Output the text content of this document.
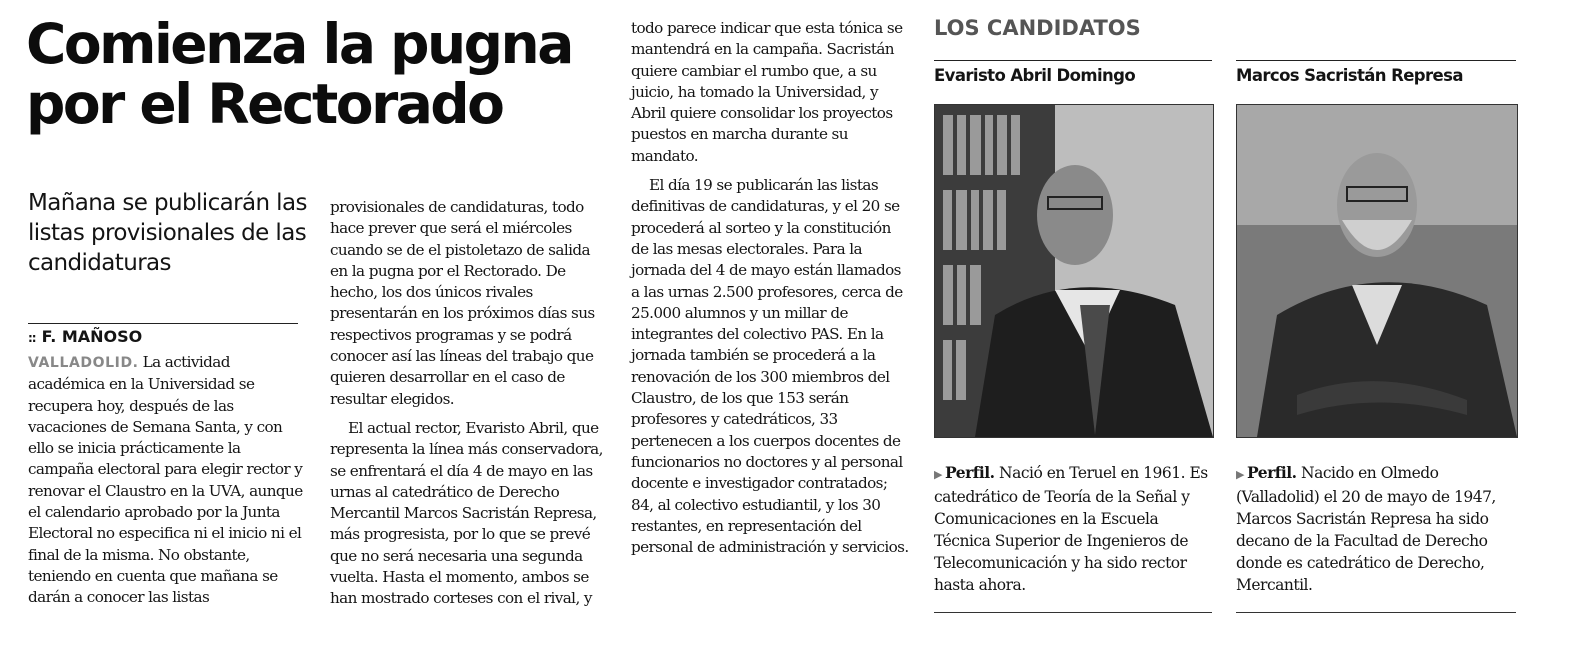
Comienza la pugna por el Rectorado
Mañana se publicarán las listas provisionales de las candidaturas
:: F. MAÑOSO

VALLADOLID. La actividad académica en la Universidad se recupera hoy, después de las vacaciones de Semana Santa, y con ello se inicia prácticamente la campaña electoral para elegir rector y renovar el Claustro en la UVA, aunque el calendario aprobado por la Junta Electoral no especifica ni el inicio ni el final de la misma. No obstante, teniendo en cuenta que mañana se darán a conocer las listas

provisionales de candidaturas, todo hace prever que será el miércoles cuando se de el pistoletazo de salida en la pugna por el Rectorado. De hecho, los dos únicos rivales presentarán en los próximos días sus respectivos programas y se podrá conocer así las líneas del trabajo que quieren desarrollar en el caso de resultar elegidos.

El actual rector, Evaristo Abril, que representa la línea más conservadora, se enfrentará el día 4 de mayo en las urnas al catedrático de Derecho Mercantil Marcos Sacristán Represa, más progresista, por lo que se prevé que no será necesaria una segunda vuelta. Hasta el momento, ambos se han mostrado corteses con el rival, y

todo parece indicar que esta tónica se mantendrá en la campaña. Sacristán quiere cambiar el rumbo que, a su juicio, ha tomado la Universidad, y Abril quiere consolidar los proyectos puestos en marcha durante su mandato.

El día 19 se publicarán las listas definitivas de candidaturas, y el 20 se procederá al sorteo y la constitución de las mesas electorales. Para la jornada del 4 de mayo están llamados a las urnas 2.500 profesores, cerca de 25.000 alumnos y un millar de integrantes del colectivo PAS. En la jornada también se procederá a la renovación de los 300 miembros del Claustro, de los que 153 serán profesores y catedráticos, 33 pertenecen a los cuerpos docentes de funcionarios no doctores y al personal docente e investigador contratados; 84, al colectivo estudiantil, y los 30 restantes, en representación del personal de administración y servicios.

LOS CANDIDATOS
Evaristo Abril Domingo	Marcos Sacristán Represa
▶ Perfil. Nació en Teruel en 1961. Es catedrático de Teoría de la Señal y Comunicaciones en la Escuela Técnica Superior de Ingenieros de Telecomunicación y ha sido rector hasta ahora.
▶ Perfil. Nacido en Olmedo (Valladolid) el 20 de mayo de 1947, Marcos Sacristán Represa ha sido decano de la Facultad de Derecho donde es catedrático de Derecho, Mercantil.
